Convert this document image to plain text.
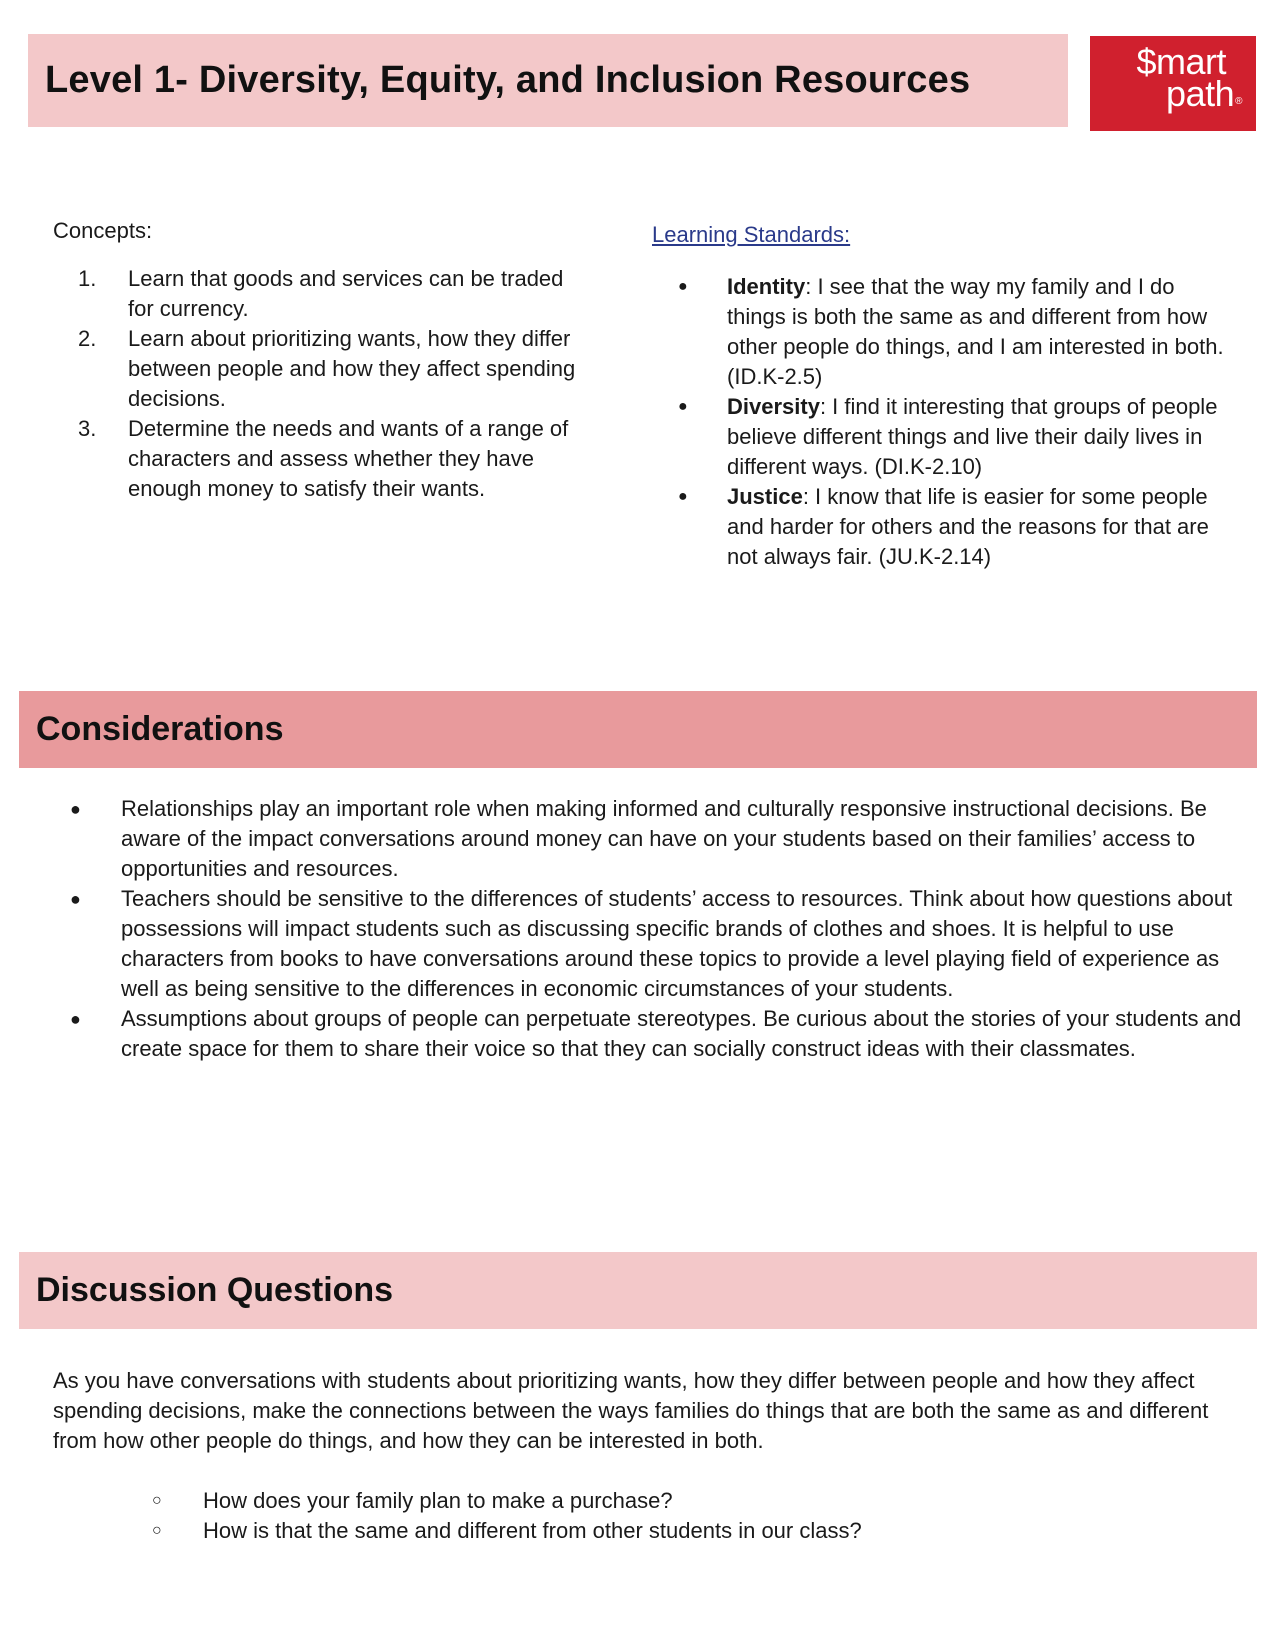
Level 1- Diversity, Equity, and Inclusion Resources	$mart
path®

Concepts:

1. Learn that goods and services can be traded for currency.
2. Learn about prioritizing wants, how they differ between people and how they affect spending decisions.
3. Determine the needs and wants of a range of characters and assess whether they have enough money to satisfy their wants.

Learning Standards:

● Identity: I see that the way my family and I do things is both the same as and different from how other people do things, and I am interested in both. (ID.K-2.5)
● Diversity: I find it interesting that groups of people believe different things and live their daily lives in different ways. (DI.K-2.10)
● Justice: I know that life is easier for some people and harder for others and the reasons for that are not always fair. (JU.K-2.14)
Considerations
● Relationships play an important role when making informed and culturally responsive instructional decisions. Be aware of the impact conversations around money can have on your students based on their families’ access to opportunities and resources.
● Teachers should be sensitive to the differences of students’ access to resources. Think about how questions about possessions will impact students such as discussing specific brands of clothes and shoes. It is helpful to use characters from books to have conversations around these topics to provide a level playing field of experience as well as being sensitive to the differences in economic circumstances of your students.
● Assumptions about groups of people can perpetuate stereotypes. Be curious about the stories of your students and create space for them to share their voice so that they can socially construct ideas with their classmates.
Discussion Questions

As you have conversations with students about prioritizing wants, how they differ between people and how they affect spending decisions, make the connections between the ways families do things that are both the same as and different from how other people do things, and how they can be interested in both.

○ How does your family plan to make a purchase?
○ How is that the same and different from other students in our class?
